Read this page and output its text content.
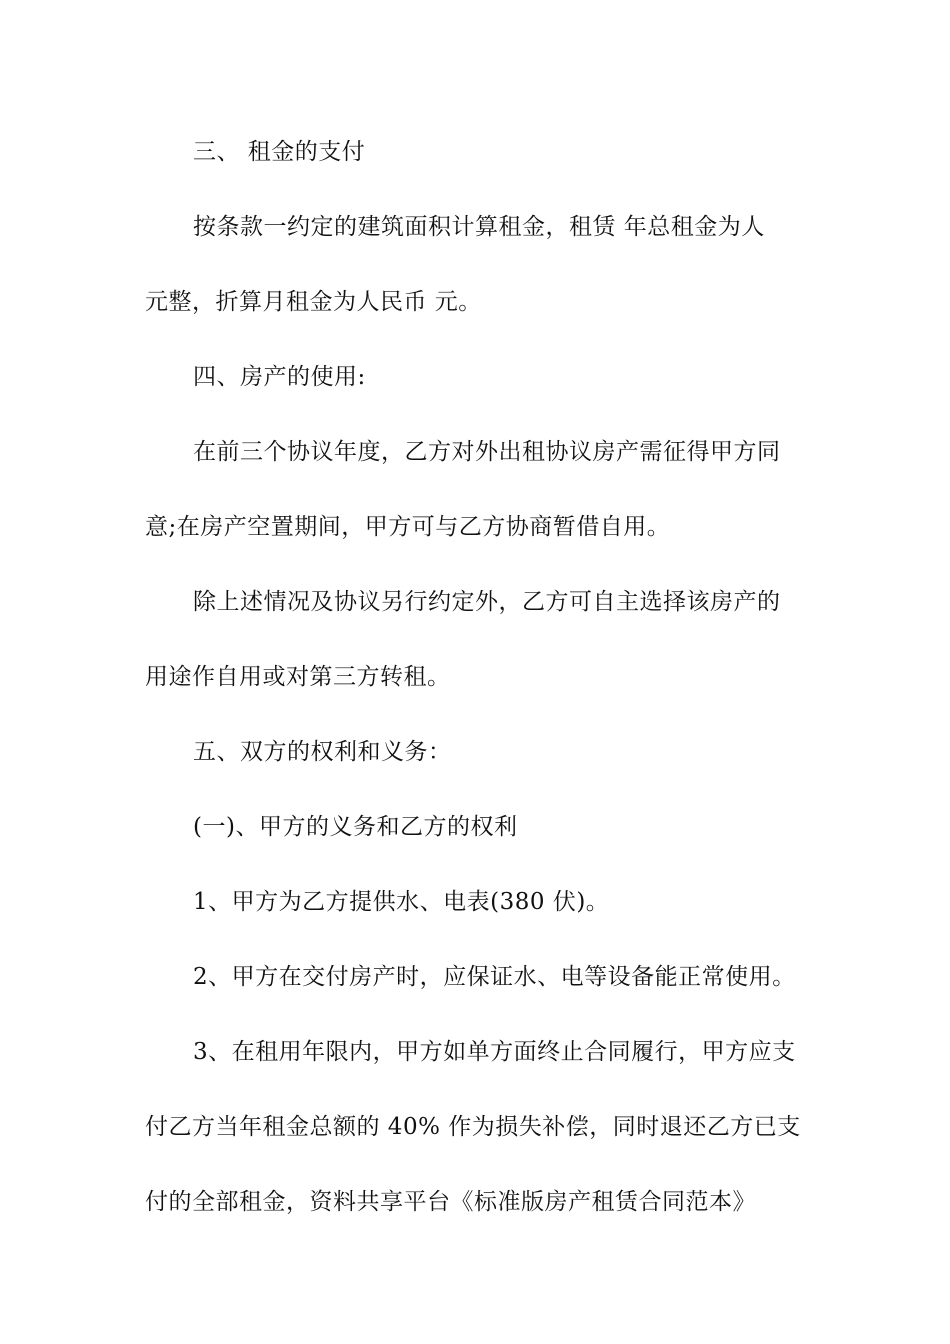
三、 租金的支付
按条款一约定的建筑面积计算租金，租赁 年总租金为人
元整，折算月租金为人民币 元。
四、房产的使用:
在前三个协议年度，乙方对外出租协议房产需征得甲方同
意;在房产空置期间，甲方可与乙方协商暂借自用。
除上述情况及协议另行约定外，乙方可自主选择该房产的
用途作自用或对第三方转租。
五、双方的权利和义务：
(一)、甲方的义务和乙方的权利
1、甲方为乙方提供水、电表(380 伏)。
2、甲方在交付房产时，应保证水、电等设备能正常使用。
3、在租用年限内，甲方如单方面终止合同履行，甲方应支
付乙方当年租金总额的 40% 作为损失补偿，同时退还乙方已支
付的全部租金，资料共享平台《标准版房产租赁合同范本》
